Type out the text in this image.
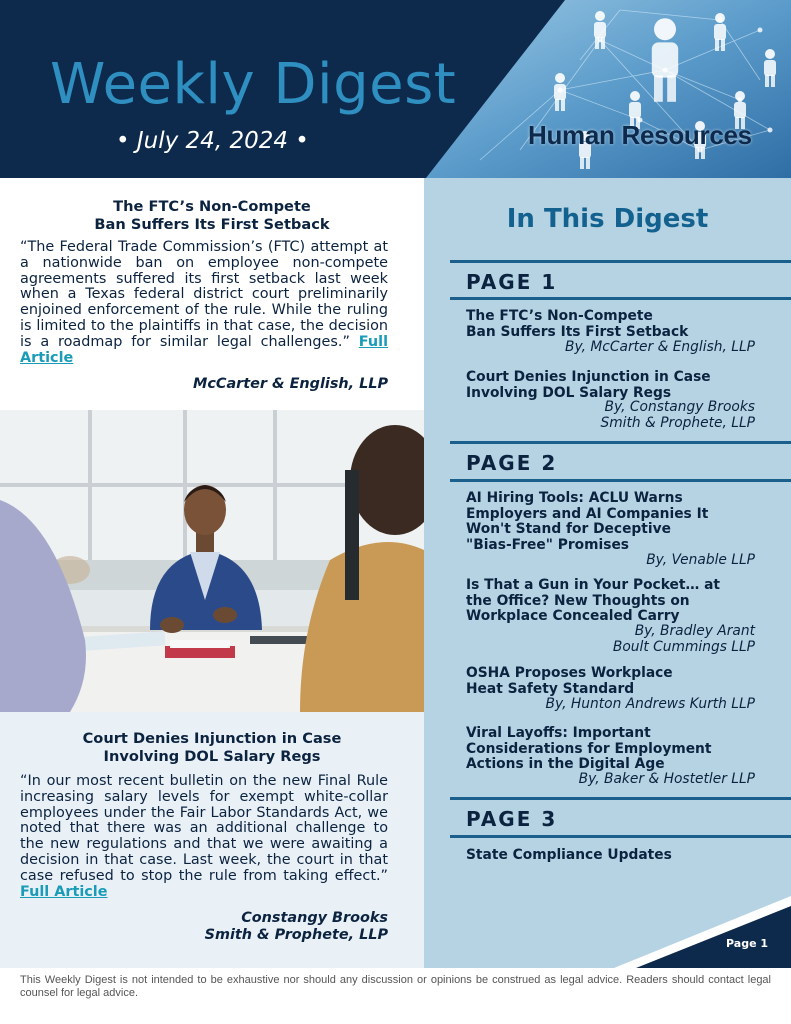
Weekly Digest
• July 24, 2024 •	Human Resources
The FTC’s Non-Compete
Ban Suffers Its First Setback
“The Federal Trade Commission’s (FTC) attempt at a nationwide ban on employee non-compete agreements suffered its first setback last week when a Texas federal district court preliminarily enjoined enforcement of the rule. While the ruling is limited to the plaintiffs in that case, the decision is a roadmap for similar legal challenges.” Full Article
McCarter & English, LLP
Court Denies Injunction in Case
Involving DOL Salary Regs
“In our most recent bulletin on the new Final Rule increasing salary levels for exempt white-collar employees under the Fair Labor Standards Act, we noted that there was an additional challenge to the new regulations and that we were awaiting a decision in that case. Last week, the court in that case refused to stop the rule from taking effect.” Full Article
Constangy Brooks
Smith & Prophete, LLP
In This Digest
PAGE 1
The FTC’s Non-Compete
Ban Suffers Its First Setback
By, McCarter & English, LLP
Court Denies Injunction in Case
Involving DOL Salary Regs
By, Constangy Brooks
Smith & Prophete, LLP
PAGE 2
AI Hiring Tools: ACLU Warns
Employers and AI Companies It
Won't Stand for Deceptive
"Bias-Free" Promises
By, Venable LLP
Is That a Gun in Your Pocket… at
the Office? New Thoughts on
Workplace Concealed Carry
By, Bradley Arant
Boult Cummings LLP
OSHA Proposes Workplace
Heat Safety Standard
By, Hunton Andrews Kurth LLP
Viral Layoffs: Important
Considerations for Employment
Actions in the Digital Age
By, Baker & Hostetler LLP
PAGE 3
State Compliance Updates
Page 1
This Weekly Digest is not intended to be exhaustive nor should any discussion or opinions be construed as legal advice. Readers should contact legal counsel for legal advice.
